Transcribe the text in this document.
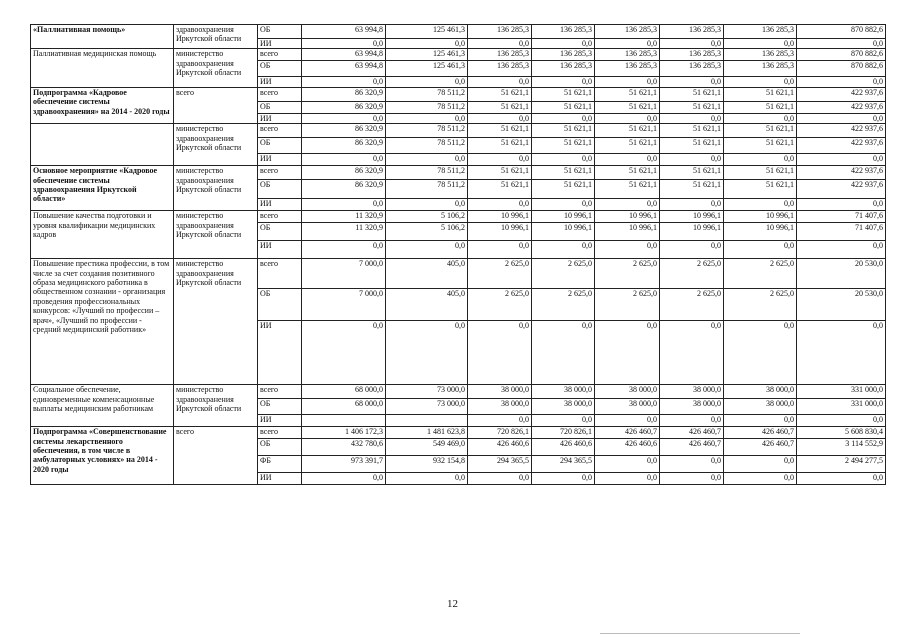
«Паллиативная помощь»	здравоохранения Иркутской области	ОБ	63 994,8	125 461,3	136 285,3	136 285,3	136 285,3	136 285,3	136 285,3	870 882,6
		ИИ	0,0	0,0	0,0	0,0	0,0	0,0	0,0	0,0
Паллиативная медицинская помощь	министерство здравоохранения Иркутской области	всего	63 994,8	125 461,3	136 285,3	136 285,3	136 285,3	136 285,3	136 285,3	870 882,6
		ОБ	63 994,8	125 461,3	136 285,3	136 285,3	136 285,3	136 285,3	136 285,3	870 882,6
		ИИ	0,0	0,0	0,0	0,0	0,0	0,0	0,0	0,0
Подпрограмма «Кадровое обеспечение системы здравоохранения» на 2014 - 2020 годы	всего	всего	86 320,9	78 511,2	51 621,1	51 621,1	51 621,1	51 621,1	51 621,1	422 937,6
		ОБ	86 320,9	78 511,2	51 621,1	51 621,1	51 621,1	51 621,1	51 621,1	422 937,6
		ИИ	0,0	0,0	0,0	0,0	0,0	0,0	0,0	0,0
	министерство здравоохранения Иркутской области	всего	86 320,9	78 511,2	51 621,1	51 621,1	51 621,1	51 621,1	51 621,1	422 937,6
		ОБ	86 320,9	78 511,2	51 621,1	51 621,1	51 621,1	51 621,1	51 621,1	422 937,6
		ИИ	0,0	0,0	0,0	0,0	0,0	0,0	0,0	0,0
Основное мероприятие «Кадровое обеспечение системы здравоохранения Иркутской области»	министерство здравоохранения Иркутской области	всего	86 320,9	78 511,2	51 621,1	51 621,1	51 621,1	51 621,1	51 621,1	422 937,6
		ОБ	86 320,9	78 511,2	51 621,1	51 621,1	51 621,1	51 621,1	51 621,1	422 937,6
		ИИ	0,0	0,0	0,0	0,0	0,0	0,0	0,0	0,0
Повышение качества подготовки и уровня квалификации медицинских кадров	министерство здравоохранения Иркутской области	всего	11 320,9	5 106,2	10 996,1	10 996,1	10 996,1	10 996,1	10 996,1	71 407,6
		ОБ	11 320,9	5 106,2	10 996,1	10 996,1	10 996,1	10 996,1	10 996,1	71 407,6
		ИИ	0,0	0,0	0,0	0,0	0,0	0,0	0,0	0,0
Повышение престижа профессии, в том числе за счет создания позитивного образа медицинского работника в общественном сознании - организация проведения профессиональных конкурсов: «Лучший по профессии – врач», «Лучший по профессии - средний медицинский работник»	министерство здравоохранения Иркутской области	всего	7 000,0	405,0	2 625,0	2 625,0	2 625,0	2 625,0	2 625,0	20 530,0
		ОБ	7 000,0	405,0	2 625,0	2 625,0	2 625,0	2 625,0	2 625,0	20 530,0
		ИИ	0,0	0,0	0,0	0,0	0,0	0,0	0,0	0,0
Социальное обеспечение, единовременные компенсационные выплаты медицинским работникам	министерство здравоохранения Иркутской области	всего	68 000,0	73 000,0	38 000,0	38 000,0	38 000,0	38 000,0	38 000,0	331 000,0
		ОБ	68 000,0	73 000,0	38 000,0	38 000,0	38 000,0	38 000,0	38 000,0	331 000,0
		ИИ			0,0	0,0	0,0	0,0	0,0	0,0
Подпрограмма «Совершенствование системы лекарственного обеспечения, в том числе в амбулаторных условиях» на 2014 - 2020 годы	всего	всего	1 406 172,3	1 481 623,8	720 826,1	720 826,1	426 460,7	426 460,7	426 460,7	5 608 830,4
		ОБ	432 780,6	549 469,0	426 460,6	426 460,6	426 460,6	426 460,7	426 460,7	3 114 552,9
		ФБ	973 391,7	932 154,8	294 365,5	294 365,5	0,0	0,0	0,0	2 494 277,5
		ИИ	0,0	0,0	0,0	0,0	0,0	0,0	0,0	0,0
12
